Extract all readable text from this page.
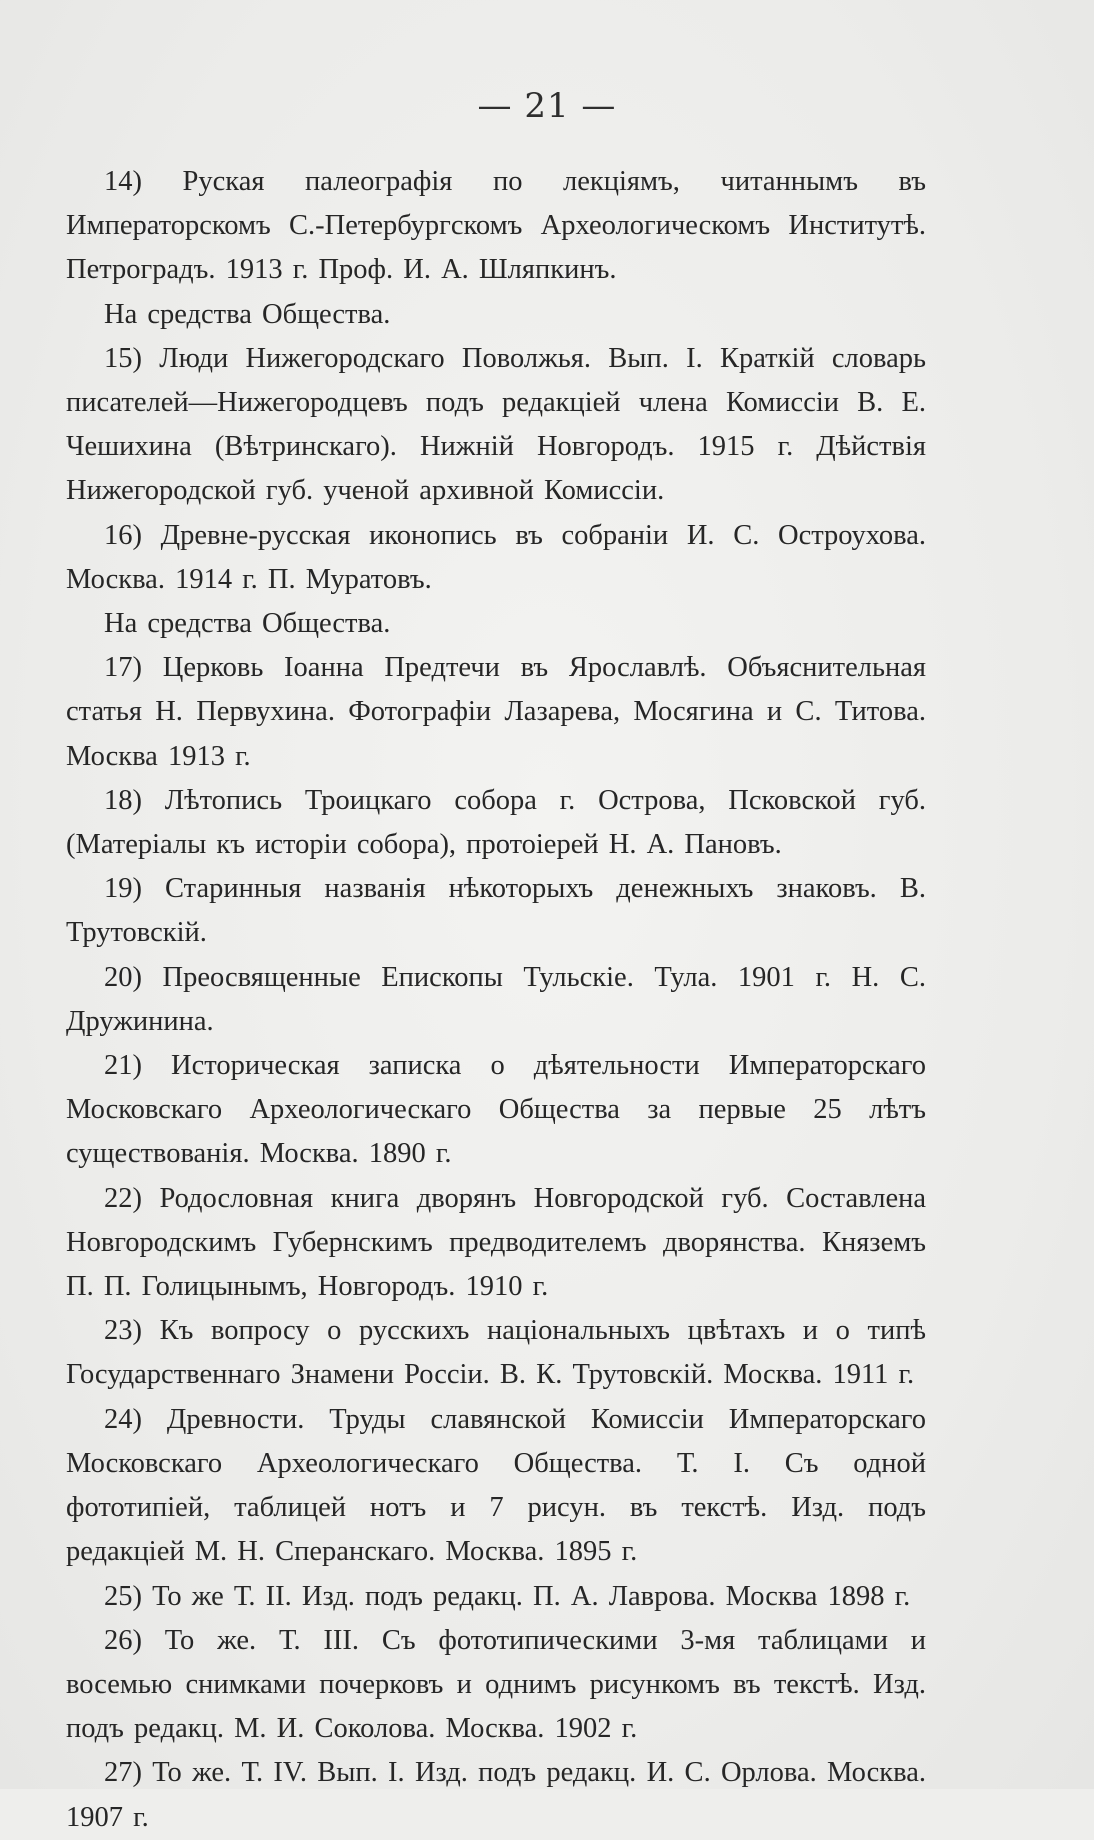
— 21 —

14) Руская палеографія по лекціямъ, читаннымъ въ Императорскомъ С.-Петербургскомъ Археологическомъ Институтѣ. Петроградъ. 1913 г. Проф. И. А. Шляпкинъ.

На средства Общества.

15) Люди Нижегородскаго Поволжья. Вып. I. Краткій словарь писателей—Нижегородцевъ подъ редакціей члена Комиссіи В. Е. Чешихина (Вѣтринскаго). Нижній Новгородъ. 1915 г. Дѣйствія Нижегородской губ. ученой архивной Комиссіи.

16) Древне-русская иконопись въ собраніи И. С. Остроухова. Москва. 1914 г. П. Муратовъ.

На средства Общества.

17) Церковь Іоанна Предтечи въ Ярославлѣ. Объяснительная статья Н. Первухина. Фотографіи Лазарева, Мосягина и С. Титова. Москва 1913 г.

18) Лѣтопись Троицкаго собора г. Острова, Псковской губ. (Матеріалы къ исторіи собора), протоіерей Н. А. Пановъ.

19) Старинныя названія нѣкоторыхъ денежныхъ знаковъ. В. Трутовскій.

20) Преосвященные Епископы Тульскіе. Тула. 1901 г. Н. С. Дружинина.

21) Историческая записка о дѣятельности Императорскаго Московскаго Археологическаго Общества за первые 25 лѣтъ существованія. Москва. 1890 г.

22) Родословная книга дворянъ Новгородской губ. Составлена Новгородскимъ Губернскимъ предводителемъ дворянства. Княземъ П. П. Голицынымъ, Новгородъ. 1910 г.

23) Къ вопросу о русскихъ національныхъ цвѣтахъ и о типѣ Государственнаго Знамени Россіи. В. К. Трутовскій. Москва. 1911 г.

24) Древности. Труды славянской Комиссіи Императорскаго Московскаго Археологическаго Общества. Т. I. Съ одной фототипіей, таблицей нотъ и 7 рисун. въ текстѣ. Изд. подъ редакціей М. Н. Сперанскаго. Москва. 1895 г.

25) То же Т. II. Изд. подъ редакц. П. А. Лаврова. Москва 1898 г.

26) То же. Т. III. Съ фототипическими 3-мя таблицами и восемью снимками почерковъ и однимъ рисункомъ въ текстѣ. Изд. подъ редакц. М. И. Соколова. Москва. 1902 г.

27) То же. Т. IV. Вып. I. Изд. подъ редакц. И. С. Орлова. Москва. 1907 г.
